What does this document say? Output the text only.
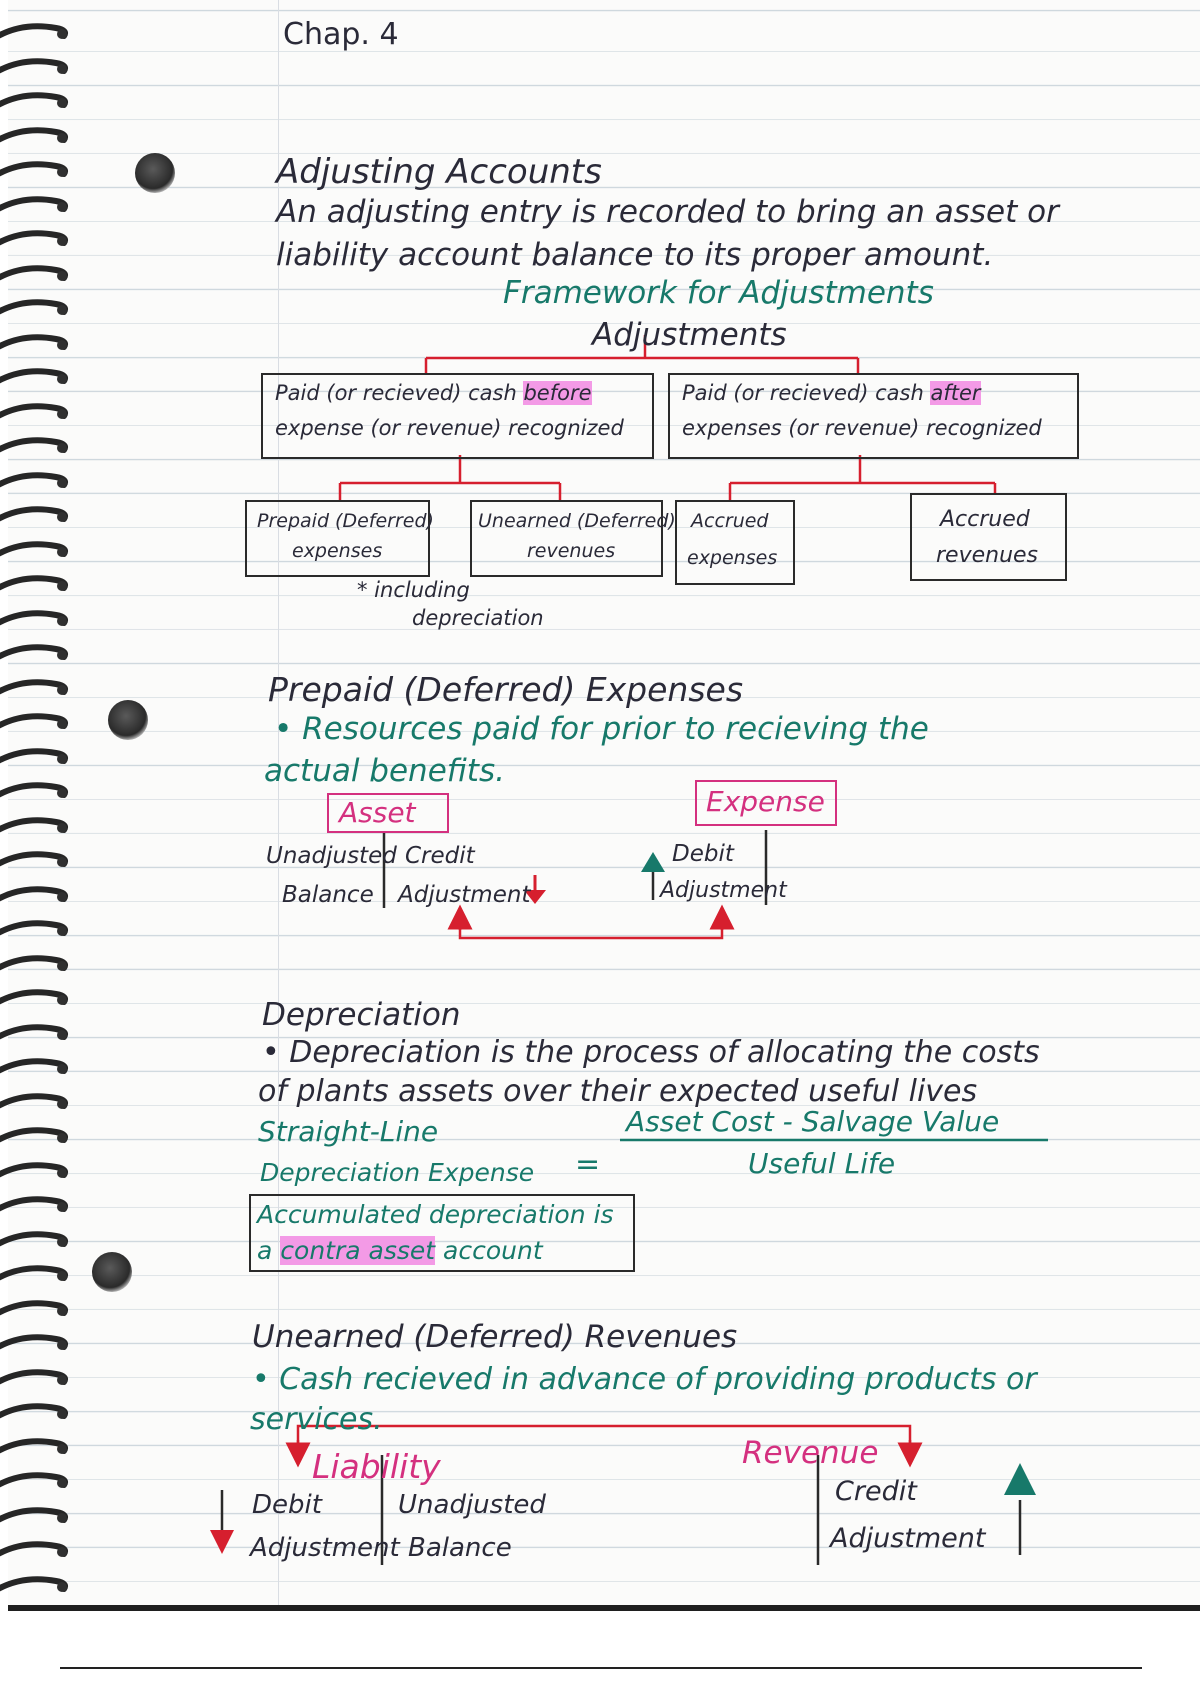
Chap. 4
Adjusting Accounts
An adjusting entry is recorded to bring an asset or
liability account balance to its proper amount.
Framework for Adjustments
Adjustments
Paid (or recieved) cash before
expense (or revenue) recognized
Paid (or recieved) cash after
expenses (or revenue) recognized
Prepaid (Deferred)
expenses
Unearned (Deferred)
revenues
Accrued
expenses
Accrued
revenues
* including
depreciation
Prepaid (Deferred) Expenses
• Resources paid for prior to recieving the
actual benefits.
Asset	Expense
Unadjusted
Balance
Credit
Adjustment
Debit
Adjustment
Depreciation
• Depreciation is the process of allocating the costs
of plants assets over their expected useful lives
Straight-Line
Depreciation Expense =
Asset Cost - Salvage Value
Useful Life
Accumulated depreciation is
a contra asset account
Unearned (Deferred) Revenues
• Cash recieved in advance of providing products or
services.
Liability	Revenue
Debit
Adjustment
Unadjusted
Balance
Credit
Adjustment
